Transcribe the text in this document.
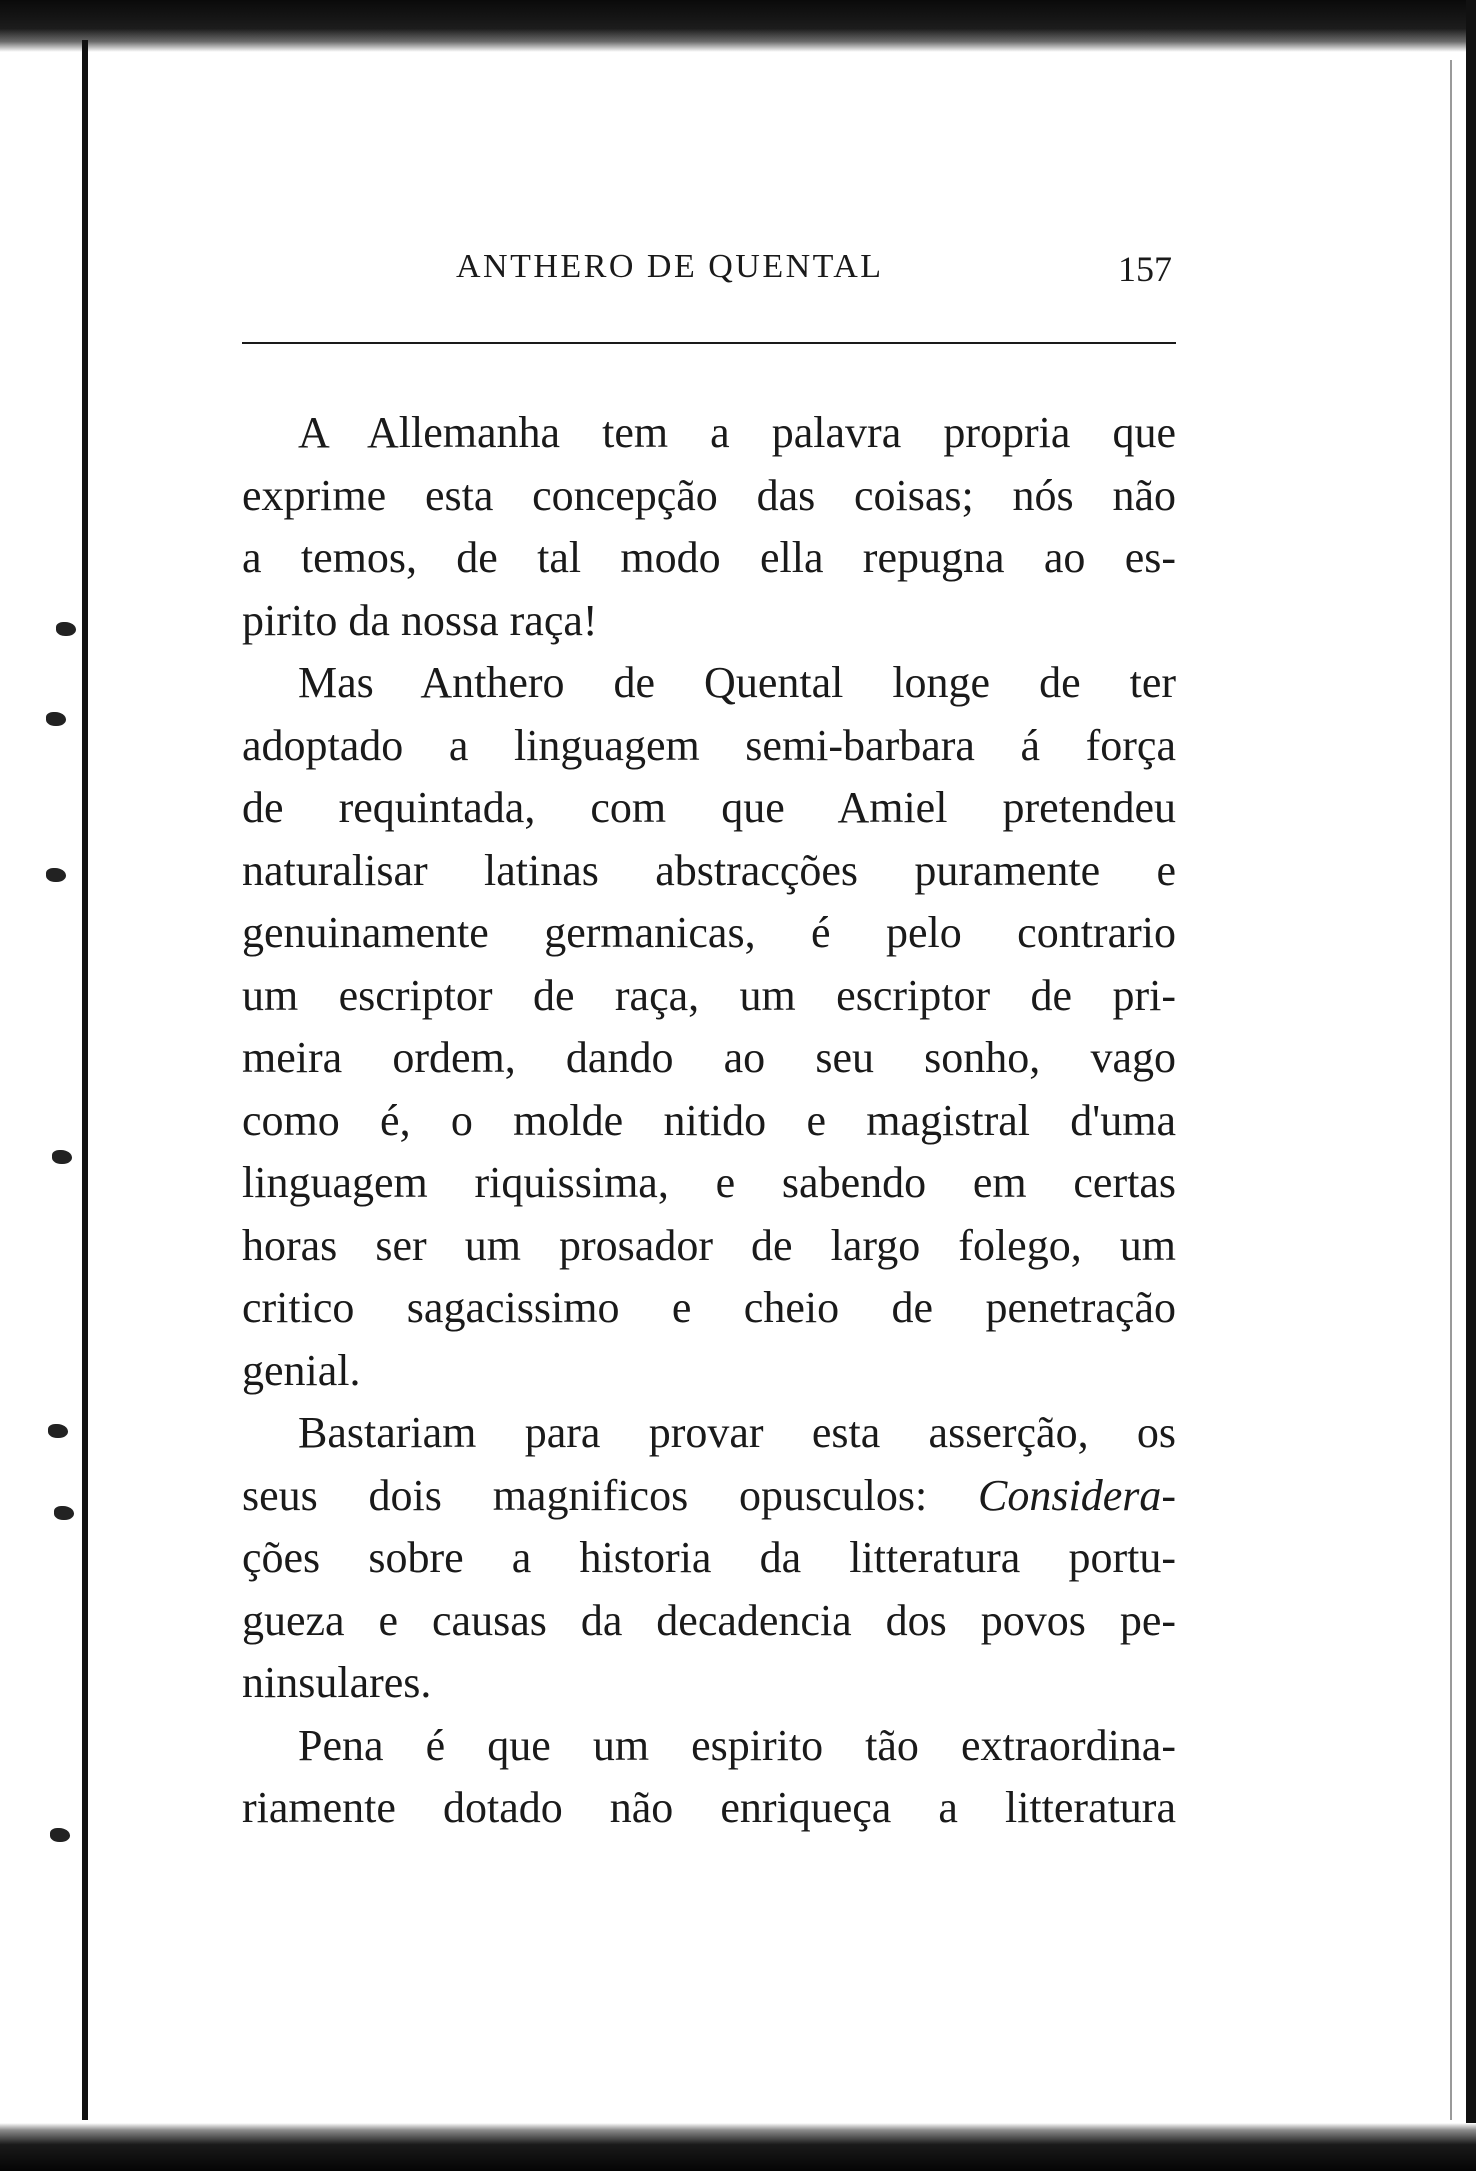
ANTHERO DE QUENTAL	157
A Allemanha tem a palavra propria que
exprime esta concepção das coisas; nós não
a temos, de tal modo ella repugna ao es-
pirito da nossa raça!
Mas Anthero de Quental longe de ter
adoptado a linguagem semi-barbara á força
de requintada, com que Amiel pretendeu
naturalisar latinas abstracções puramente e
genuinamente germanicas, é pelo contrario
um escriptor de raça, um escriptor de pri-
meira ordem, dando ao seu sonho, vago
como é, o molde nitido e magistral d'uma
linguagem riquissima, e sabendo em certas
horas ser um prosador de largo folego, um
critico sagacissimo e cheio de penetração
genial.
Bastariam para provar esta asserção, os
seus dois magnificos opusculos: Considera-
ções sobre a historia da litteratura portu-
gueza e causas da decadencia dos povos pe-
ninsulares.
Pena é que um espirito tão extraordina-
riamente dotado não enriqueça a litteratura
